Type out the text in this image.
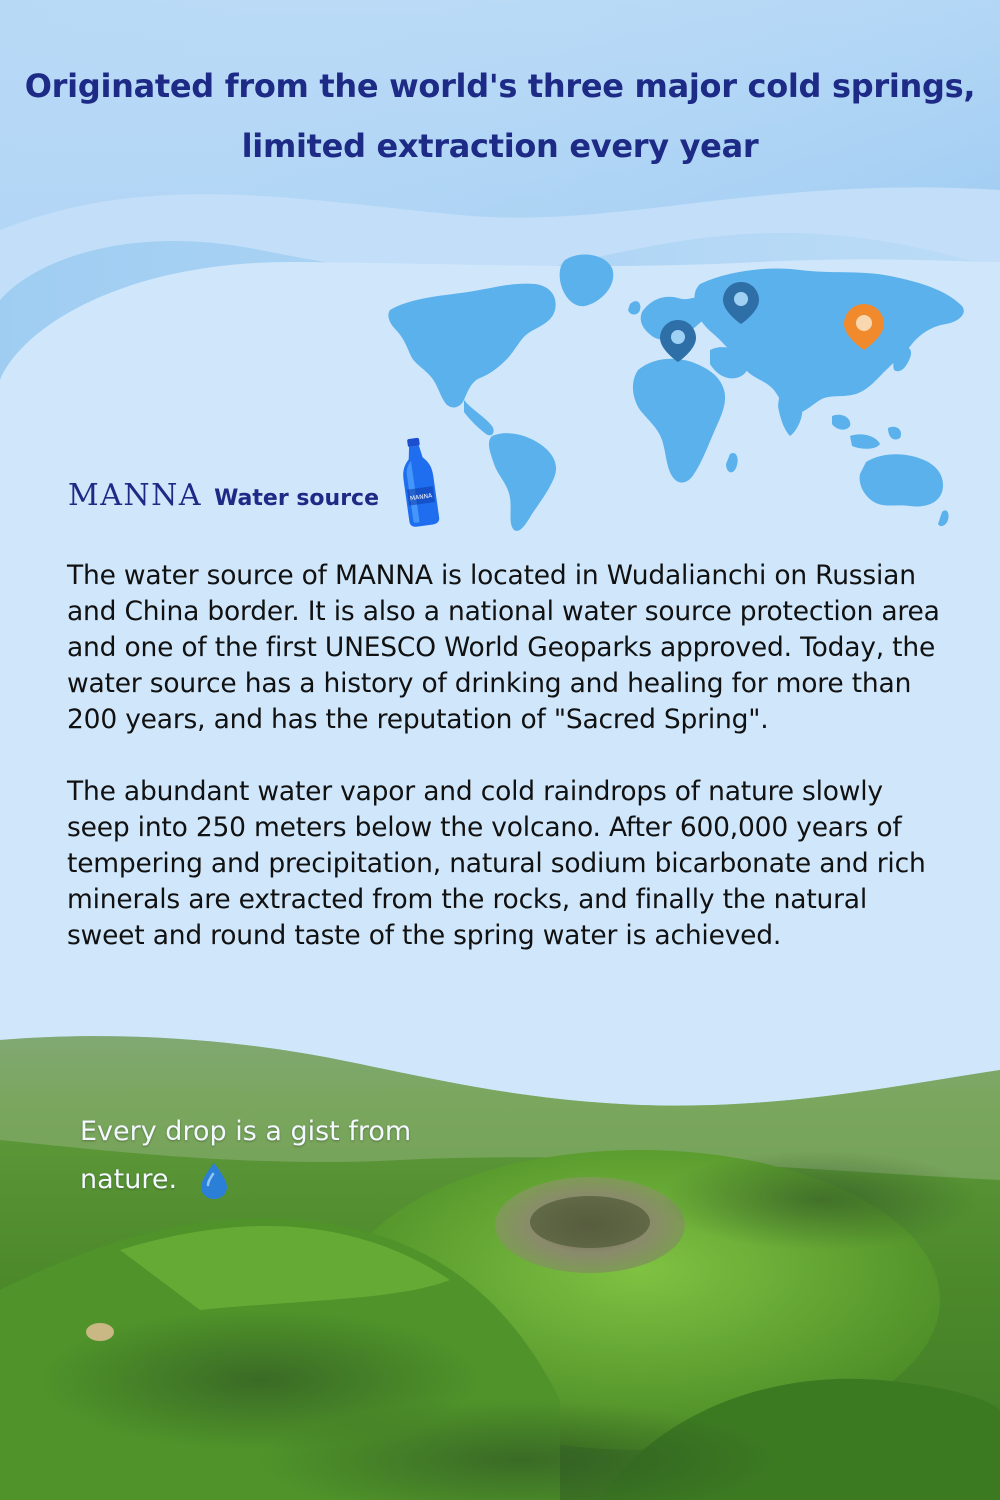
Originated from the world's three major cold springs,
limited extraction every year
MANNA Water source	MANNA

The water source of MANNA is located in Wudalianchi on Russian and China border. It is also a national water source protection area and one of the first UNESCO World Geoparks approved. Today, the water source has a history of drinking and healing for more than 200 years, and has the reputation of "Sacred Spring".

The abundant water vapor and cold raindrops of nature slowly seep into 250 meters below the volcano. After 600,000 years of tempering and precipitation, natural sodium bicarbonate and rich minerals are extracted from the rocks, and finally the natural sweet and round taste of the spring water is achieved.

Every drop is a gist from
nature.
